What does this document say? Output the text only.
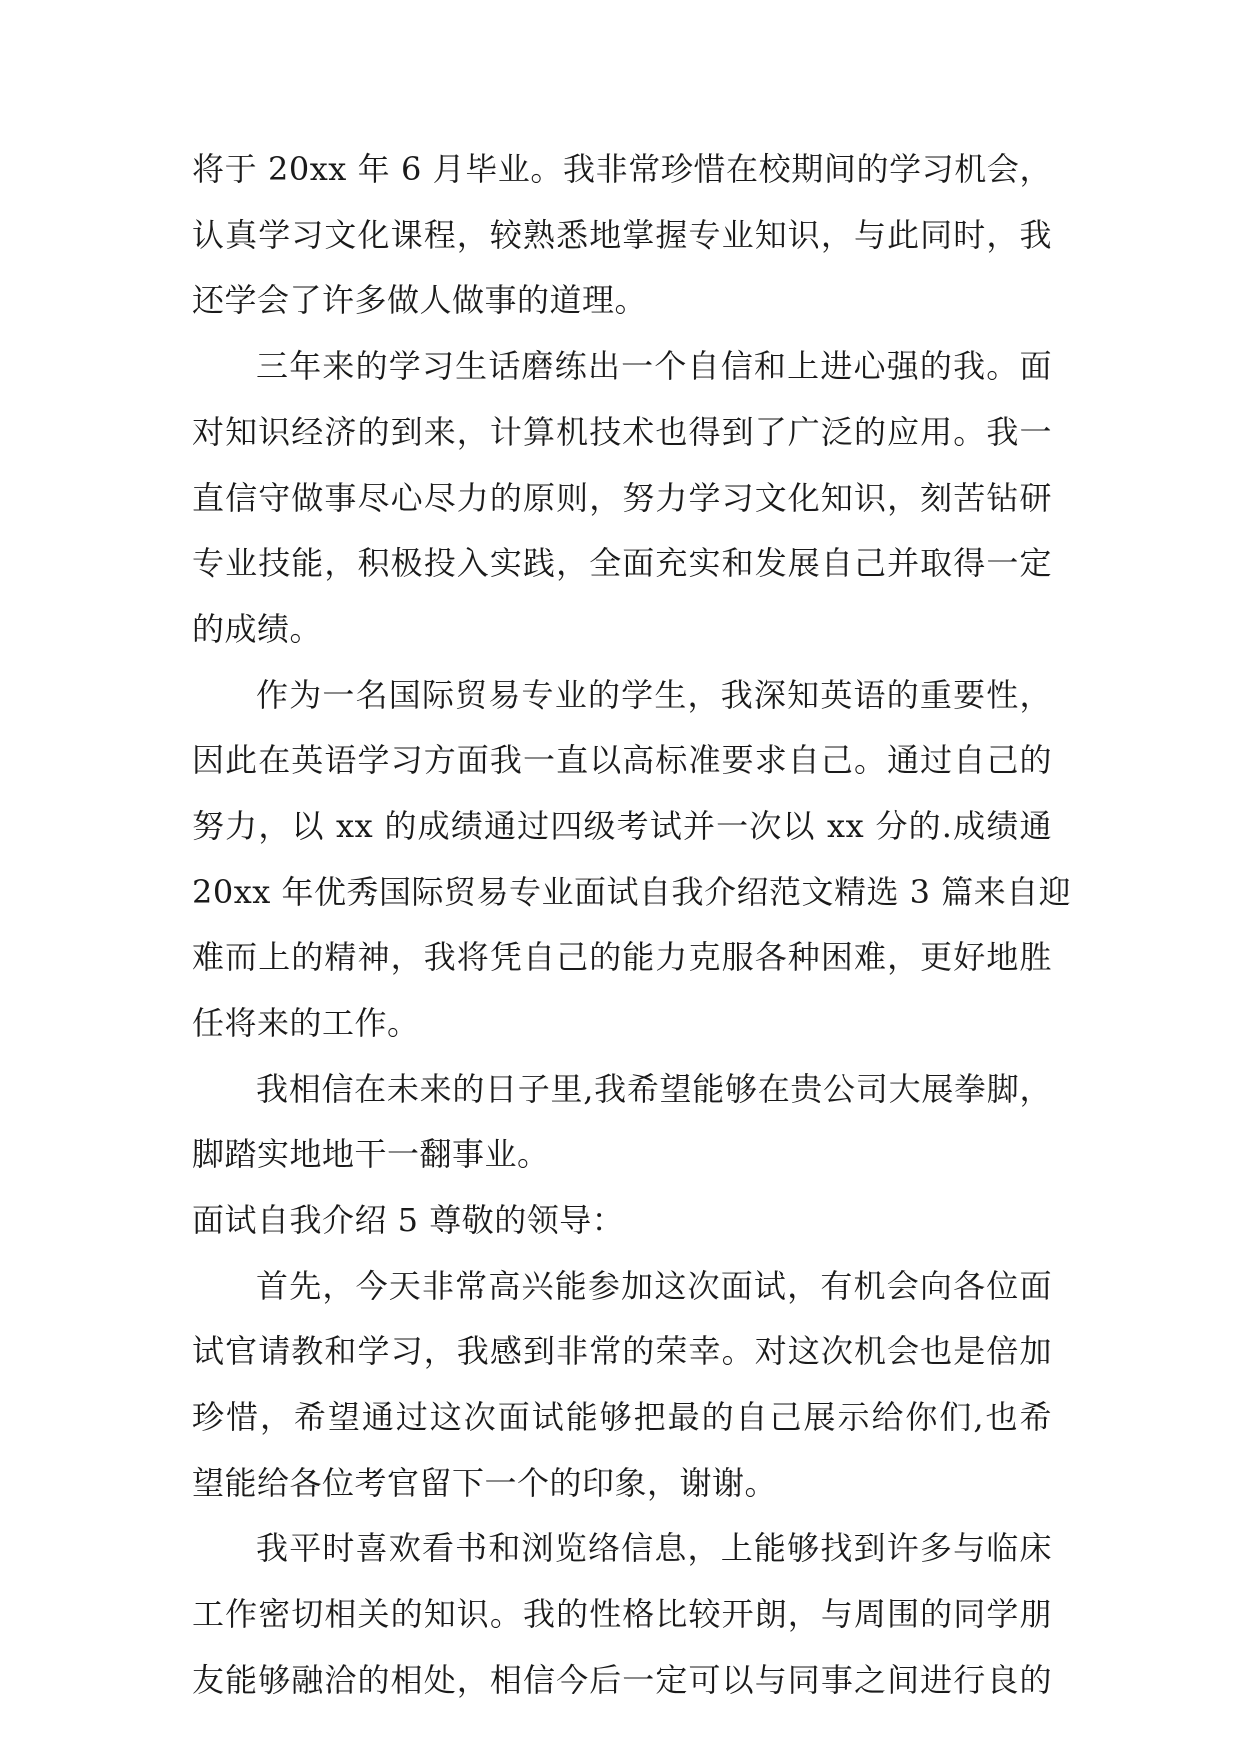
将于 20xx 年 6 月毕业。我非常珍惜在校期间的学习机会，
认真学习文化课程，较熟悉地掌握专业知识，与此同时，我
还学会了许多做人做事的道理。
三年来的学习生话磨练出一个自信和上进心强的我。面
对知识经济的到来，计算机技术也得到了广泛的应用。我一
直信守做事尽心尽力的原则，努力学习文化知识，刻苦钻研
专业技能，积极投入实践，全面充实和发展自己并取得一定
的成绩。
作为一名国际贸易专业的学生，我深知英语的重要性，
因此在英语学习方面我一直以高标准要求自己。通过自己的
努力，以 xx 的成绩通过四级考试并一次以 xx 分的.成绩通
20xx 年优秀国际贸易专业面试自我介绍范文精选 3 篇来自迎
难而上的精神，我将凭自己的能力克服各种困难，更好地胜
任将来的工作。
我相信在未来的日子里,我希望能够在贵公司大展拳脚，
脚踏实地地干一翻事业。
面试自我介绍 5 尊敬的领导：
首先，今天非常高兴能参加这次面试，有机会向各位面
试官请教和学习，我感到非常的荣幸。对这次机会也是倍加
珍惜，希望通过这次面试能够把最的自己展示给你们,也希
望能给各位考官留下一个的印象，谢谢。
我平时喜欢看书和浏览络信息，上能够找到许多与临床
工作密切相关的知识。我的性格比较开朗，与周围的同学朋
友能够融洽的相处，相信今后一定可以与同事之间进行良的
